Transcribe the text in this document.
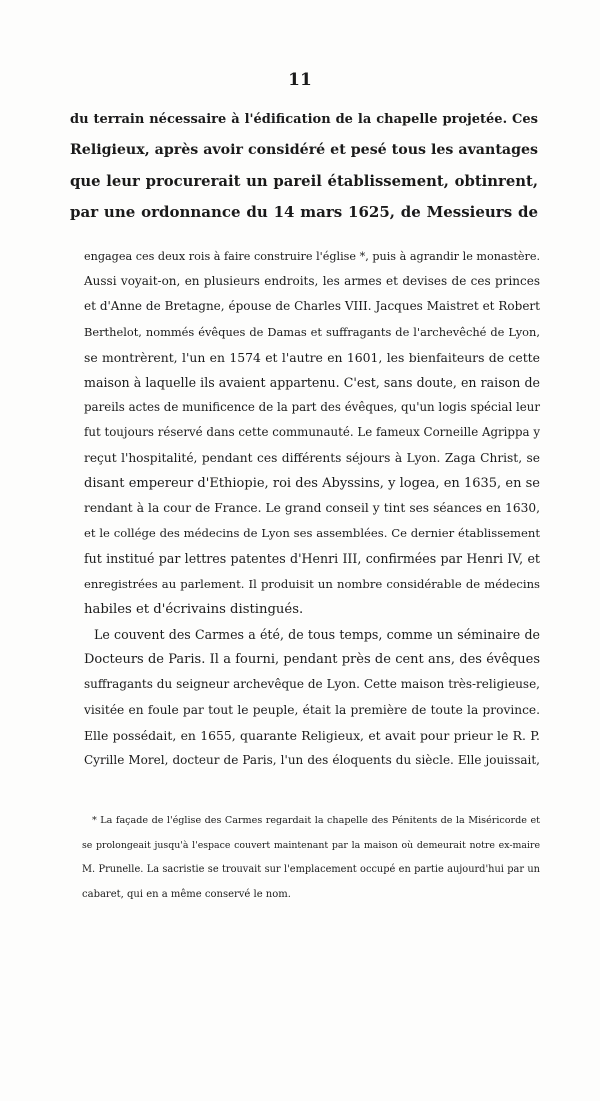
11
du terrain nécessaire à l'édification de la chapelle projetée. Ces
Religieux, après avoir considéré et pesé tous les avantages
que leur procurerait un pareil établissement, obtinrent,
par une ordonnance du 14 mars 1625, de Messieurs de
engagea ces deux rois à faire construire l'église *, puis à agrandir le monastère.
Aussi voyait-on, en plusieurs endroits, les armes et devises de ces princes
et d'Anne de Bretagne, épouse de Charles VIII. Jacques Maistret et Robert
Berthelot, nommés évêques de Damas et suffragants de l'archevêché de Lyon,
se montrèrent, l'un en 1574 et l'autre en 1601, les bienfaiteurs de cette
maison à laquelle ils avaient appartenu. C'est, sans doute, en raison de
pareils actes de munificence de la part des évêques, qu'un logis spécial leur
fut toujours réservé dans cette communauté. Le fameux Corneille Agrippa y
reçut l'hospitalité, pendant ces différents séjours à Lyon. Zaga Christ, se
disant empereur d'Ethiopie, roi des Abyssins, y logea, en 1635, en se
rendant à la cour de France. Le grand conseil y tint ses séances en 1630,
et le collége des médecins de Lyon ses assemblées. Ce dernier établissement
fut institué par lettres patentes d'Henri III, confirmées par Henri IV, et
enregistrées au parlement. Il produisit un nombre considérable de médecins
habiles et d'écrivains distingués.
Le couvent des Carmes a été, de tous temps, comme un séminaire de
Docteurs de Paris. Il a fourni, pendant près de cent ans, des évêques
suffragants du seigneur archevêque de Lyon. Cette maison très-religieuse,
visitée en foule par tout le peuple, était la première de toute la province.
Elle possédait, en 1655, quarante Religieux, et avait pour prieur le R. P.
Cyrille Morel, docteur de Paris, l'un des éloquents du siècle. Elle jouissait,
* La façade de l'église des Carmes regardait la chapelle des Pénitents de la Miséricorde et
se prolongeait jusqu'à l'espace couvert maintenant par la maison où demeurait notre ex-maire
M. Prunelle. La sacristie se trouvait sur l'emplacement occupé en partie aujourd'hui par un
cabaret, qui en a même conservé le nom.
